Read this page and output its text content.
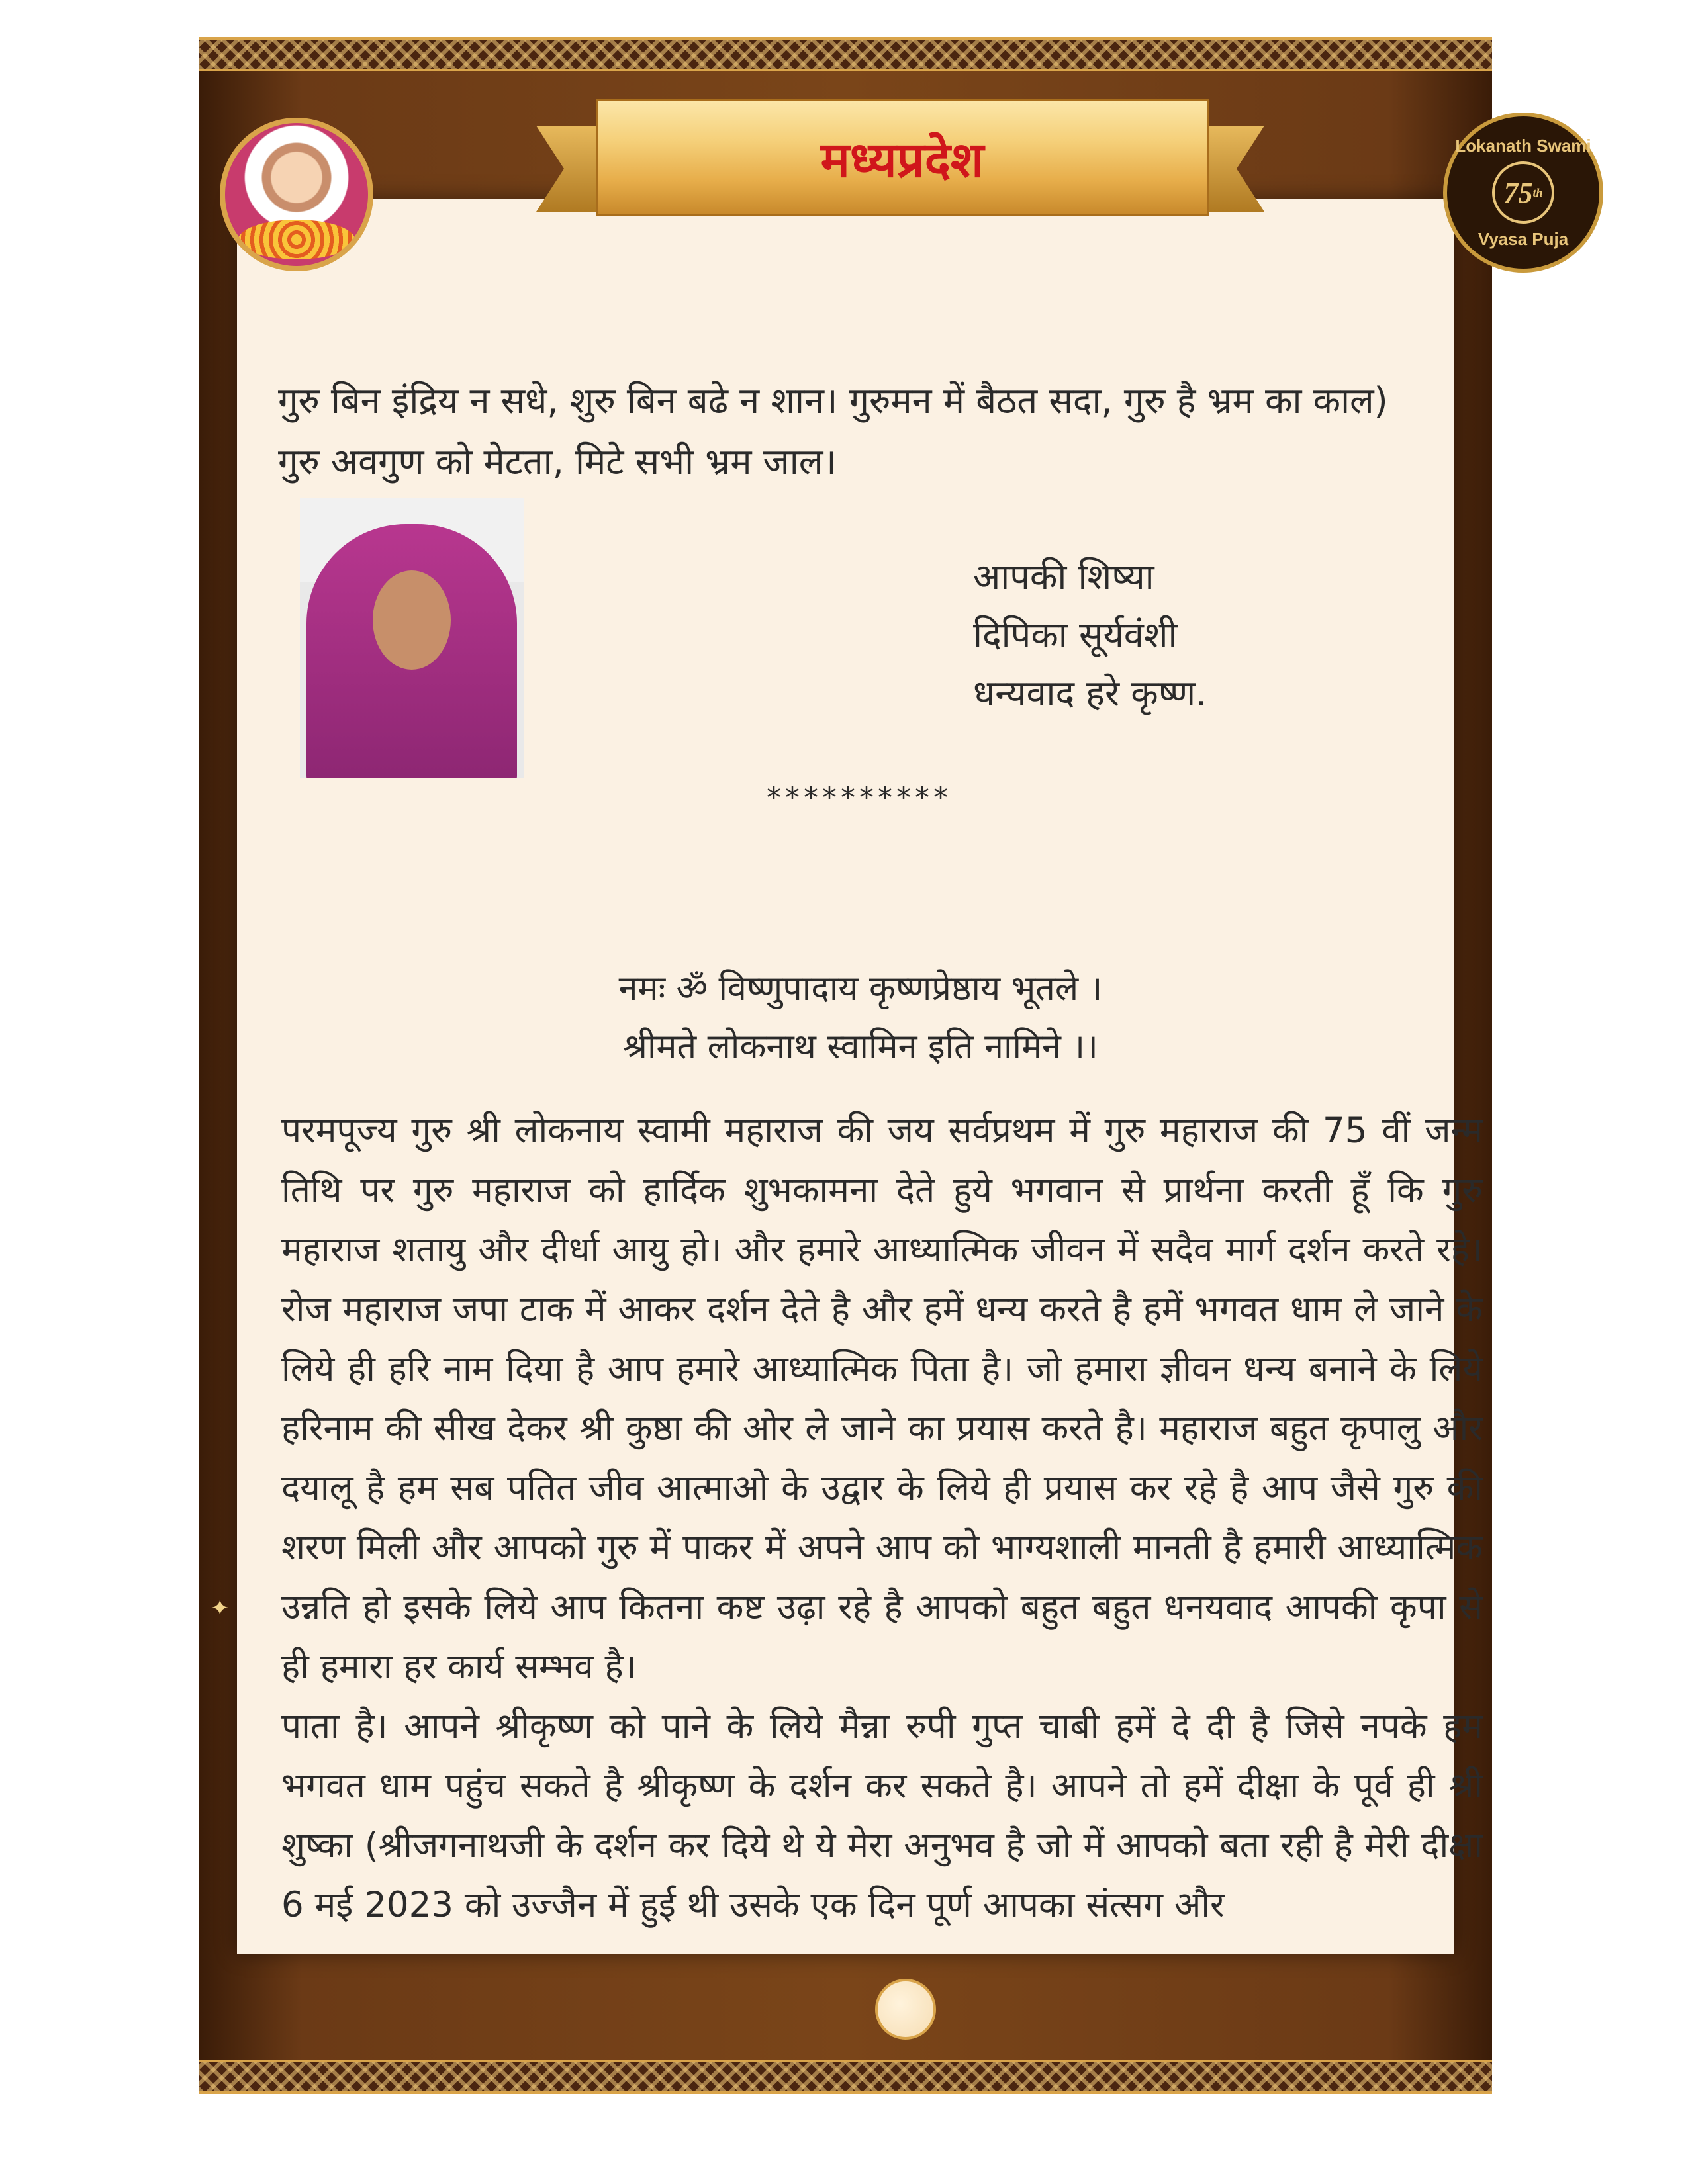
मध्यप्रदेश	Lokanath Swami
75 th
Vyasa Puja
गुरु बिन इंद्रिय न सधे, शुरु बिन बढे न शान। गुरुमन में बैठत सदा, गुरु है भ्रम का काल)
गुरु अवगुण को मेटता, मिटे सभी भ्रम जाल।
आपकी शिष्या
दिपिका सूर्यवंशी
धन्यवाद हरे कृष्ण.
**********
नमः ॐ विष्णुपादाय कृष्णप्रेष्ठाय भूतले ।
श्रीमते लोकनाथ स्वामिन इति नामिने ।।

परमपूज्य गुरु श्री लोकनाय स्वामी महाराज की जय सर्वप्रथम में गुरु महाराज की 75 वीं जन्म तिथि पर गुरु महाराज को हार्दिक शुभकामना देते हुये भगवान से प्रार्थना करती हूँ कि गुरु महाराज शतायु और दीर्धा आयु हो। और हमारे आध्यात्मिक जीवन में सदैव मार्ग दर्शन करते रहे। रोज महाराज जपा टाक में आकर दर्शन देते है और हमें धन्य करते है हमें भगवत धाम ले जाने के लिये ही हरि नाम दिया है आप हमारे आध्यात्मिक पिता है। जो हमारा ज्ञीवन धन्य बनाने के लिये हरिनाम की सीख देकर श्री कुष्ठा की ओर ले जाने का प्रयास करते है। महाराज बहुत कृपालु और दयालू है हम सब पतित जीव आत्माओ के उद्वार के लिये ही प्रयास कर रहे है आप जैसे गुरु की शरण मिली और आपको गुरु में पाकर में अपने आप को भाग्यशाली मानती है हमारी आध्यात्मिक उन्नति हो इसके लिये आप कितना कष्ट उढ़ा रहे है आपको बहुत बहुत धनयवाद आपकी कृपा से ही हमारा हर कार्य सम्भव है।

पाता है। आपने श्रीकृष्ण को पाने के लिये मैन्ना रुपी गुप्त चाबी हमें दे दी है जिसे नपके हम भगवत धाम पहुंच सकते है श्रीकृष्ण के दर्शन कर सकते है। आपने तो हमें दीक्षा के पूर्व ही श्री शुष्का (श्रीजगनाथजी के दर्शन कर दिये थे ये मेरा अनुभव है जो में आपको बता रही है मेरी दीक्षा 6 मई 2023 को उज्जैन में हुई थी उसके एक दिन पूर्ण आपका संत्सग और

✦
